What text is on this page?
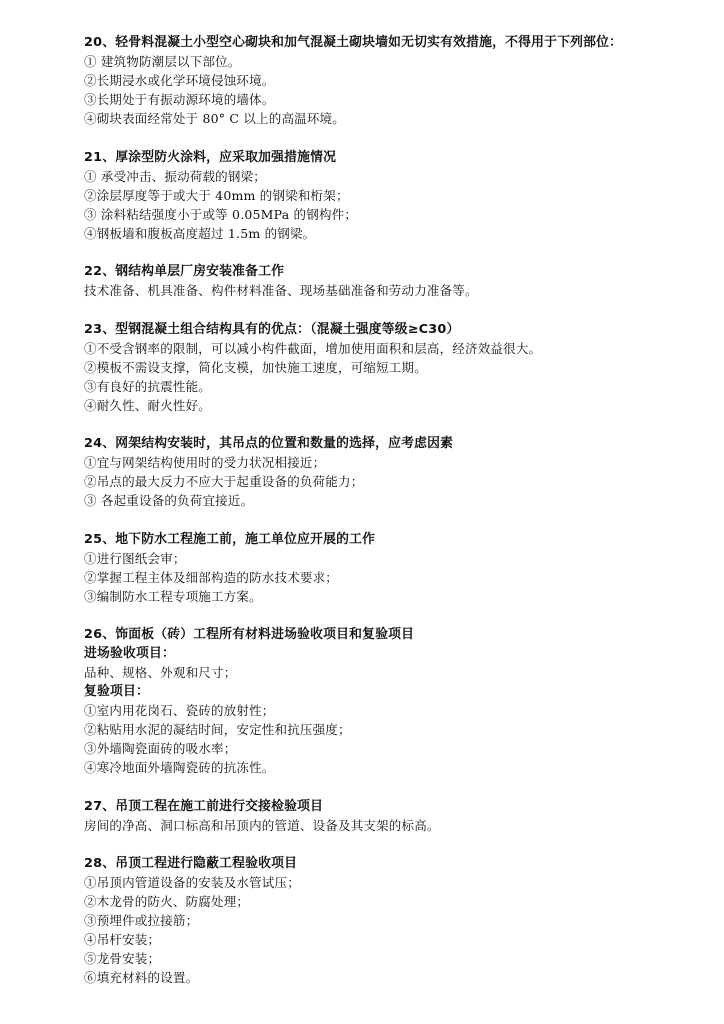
20、轻骨料混凝土小型空心砌块和加气混凝土砌块墙如无切实有效措施，不得用于下列部位：
① 建筑物防潮层以下部位。
②长期浸水或化学环境侵蚀环境。
③长期处于有振动源环境的墙体。
④砌块表面经常处于 80° C 以上的高温环境。
21、厚涂型防火涂料，应采取加强措施情况
① 承受冲击、振动荷载的钢梁；
②涂层厚度等于或大于 40mm 的钢梁和桁架；
③ 涂料粘结强度小于或等 0.05MPa 的钢构件；
④钢板墙和腹板高度超过 1.5m 的钢梁。
22、钢结构单层厂房安装准备工作
技术准备、机具准备、构件材料准备、现场基础准备和劳动力准备等。
23、型钢混凝土组合结构具有的优点：（混凝土强度等级≥C30）
①不受含钢率的限制，可以减小构件截面，增加使用面积和层高，经济效益很大。
②模板不需设支撑，简化支模，加快施工速度，可缩短工期。
③有良好的抗震性能。
④耐久性、耐火性好。
24、网架结构安装时，其吊点的位置和数量的选择，应考虑因素
①宜与网架结构使用时的受力状况相接近；
②吊点的最大反力不应大于起重设备的负荷能力；
③ 各起重设备的负荷宜接近。
25、地下防水工程施工前，施工单位应开展的工作
①进行图纸会审；
②掌握工程主体及细部构造的防水技术要求；
③编制防水工程专项施工方案。
26、饰面板（砖）工程所有材料进场验收项目和复验项目
进场验收项目：
品种、规格、外观和尺寸；
复验项目：
①室内用花岗石、瓷砖的放射性；
②粘贴用水泥的凝结时间，安定性和抗压强度；
③外墙陶瓷面砖的吸水率；
④寒冷地面外墙陶瓷砖的抗冻性。
27、吊顶工程在施工前进行交接检验项目
房间的净高、洞口标高和吊顶内的管道、设备及其支架的标高。
28、吊顶工程进行隐蔽工程验收项目
①吊顶内管道设备的安装及水管试压；
②木龙骨的防火、防腐处理；
③预埋件或拉接筋；
④吊杆安装；
⑤龙骨安装；
⑥填充材料的设置。
